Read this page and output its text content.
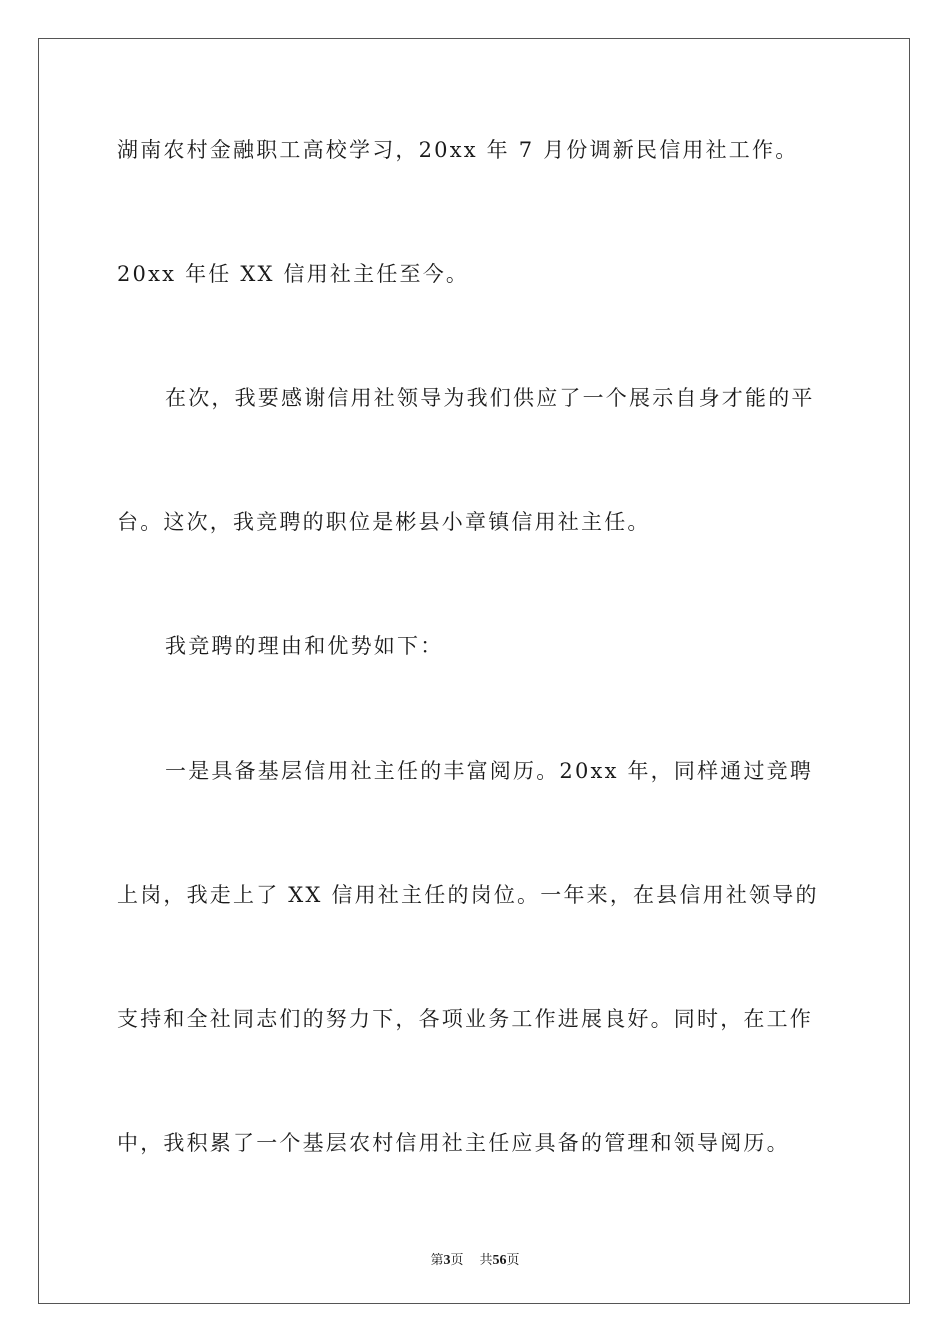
湖南农村金融职工高校学习，20xx 年 7 月份调新民信用社工作。
20xx 年任 XX 信用社主任至今。
在次，我要感谢信用社领导为我们供应了一个展示自身才能的平
台。这次，我竞聘的职位是彬县小章镇信用社主任。
我竞聘的理由和优势如下：
一是具备基层信用社主任的丰富阅历。20xx 年，同样通过竞聘
上岗，我走上了 XX 信用社主任的岗位。一年来，在县信用社领导的
支持和全社同志们的努力下，各项业务工作进展良好。同时，在工作
中，我积累了一个基层农村信用社主任应具备的管理和领导阅历。
第3页 共56页
